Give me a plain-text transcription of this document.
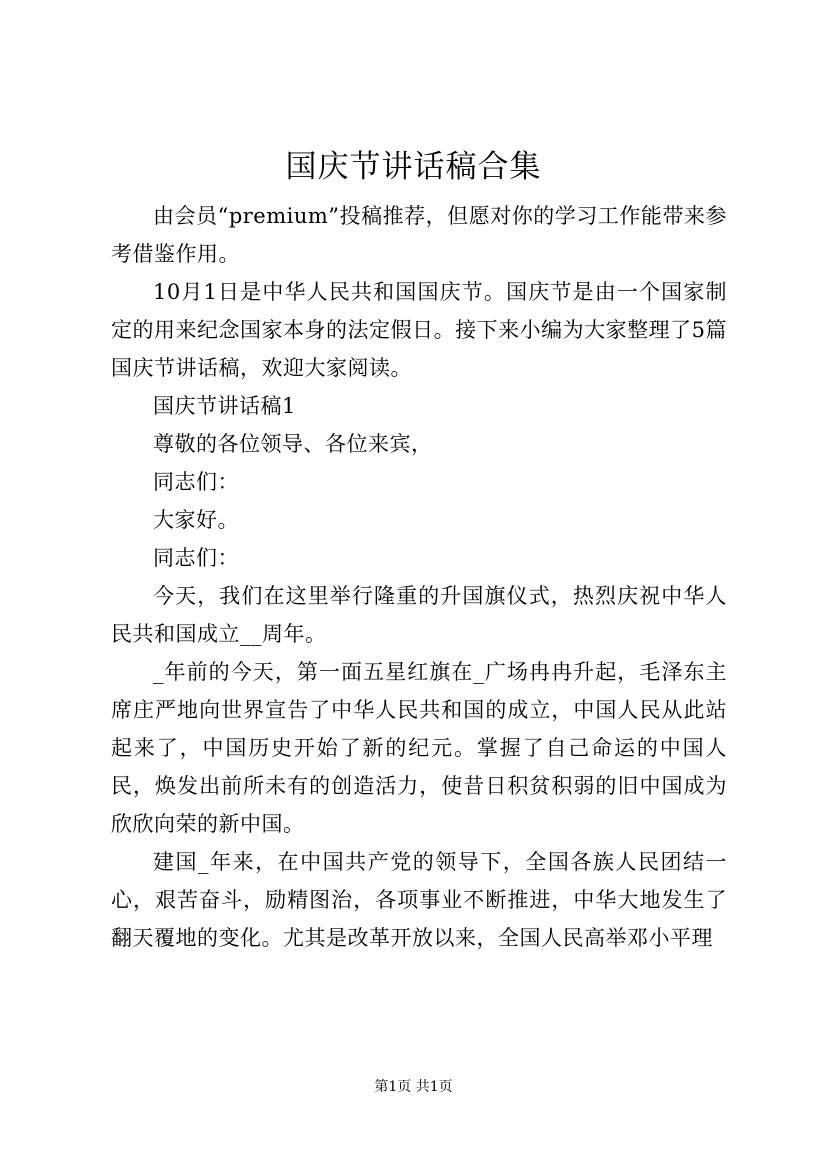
国庆节讲话稿合集

由会员“premium”投稿推荐，但愿对你的学习工作能带来参考借鉴作用。

10月1日是中华人民共和国国庆节。国庆节是由一个国家制定的用来纪念国家本身的法定假日。接下来小编为大家整理了5篇国庆节讲话稿，欢迎大家阅读。

国庆节讲话稿1

尊敬的各位领导、各位来宾，

同志们：

大家好。

同志们：

今天，我们在这里举行隆重的升国旗仪式，热烈庆祝中华人民共和国成立__周年。

_年前的今天，第一面五星红旗在_广场冉冉升起，毛泽东主席庄严地向世界宣告了中华人民共和国的成立，中国人民从此站起来了，中国历史开始了新的纪元。掌握了自己命运的中国人民，焕发出前所未有的创造活力，使昔日积贫积弱的旧中国成为欣欣向荣的新中国。

建国_年来，在中国共产党的领导下，全国各族人民团结一心，艰苦奋斗，励精图治，各项事业不断推进，中华大地发生了翻天覆地的变化。尤其是改革开放以来，全国人民高举邓小平理

第1页 共1页
